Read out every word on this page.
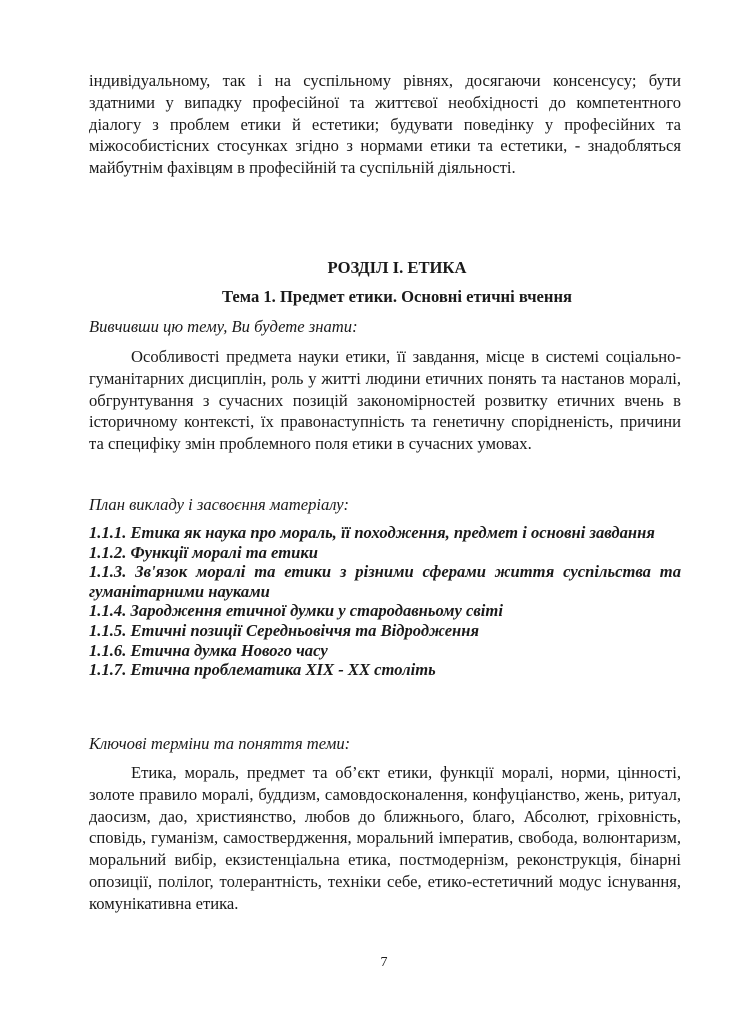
індивідуальному, так і на суспільному рівнях, досягаючи консенсусу; бути здатними у випадку професійної та життєвої необхідності до компетентного діалогу з проблем етики й естетики; будувати поведінку у професійних та міжособистісних стосунках згідно з нормами етики та естетики, - знадобляться майбутнім фахівцям в професійній та суспільній діяльності.

РОЗДІЛ І. ЕТИКА
Тема 1. Предмет етики. Основні етичні вчення

Вивчивши цю тему, Ви будете знати:

Особливості предмета науки етики, її завдання, місце в системі соціально-гуманітарних дисциплін, роль у житті людини етичних понять та настанов моралі, обгрунтування з сучасних позицій закономірностей розвитку етичних вчень в історичному контексті, їх правонаступність та генетичну спорідненість, причини та специфіку змін проблемного поля етики в сучасних умовах.

План викладу і засвоєння матеріалу:

1.1.1. Етика як наука про мораль, її походження, предмет і основні завдання
1.1.2. Функції моралі та етики
1.1.3. Зв'язок моралі та етики з різними сферами життя суспільства та гуманітарними науками
1.1.4. Зародження етичної думки у стародавньому світі
1.1.5. Етичні позиції Середньовіччя та Відродження
1.1.6. Етична думка Нового часу
1.1.7. Етична проблематика ХІХ - ХХ століть

Ключові терміни та поняття теми:

Етика, мораль, предмет та об’єкт етики, функції моралі, норми, цінності, золоте правило моралі, буддизм, самовдосконалення, конфуціанство, жень, ритуал, даосизм, дао, християнство, любов до ближнього, благо, Абсолют, гріховність, сповідь, гуманізм, самоствердження, моральний імператив, свобода, волюнтаризм, моральний вибір, екзистенціальна етика, постмодернізм, реконструкція, бінарні опозиції, полілог, толерантність, техніки себе, етико-естетичний модус існування, комунікативна етика.

7
